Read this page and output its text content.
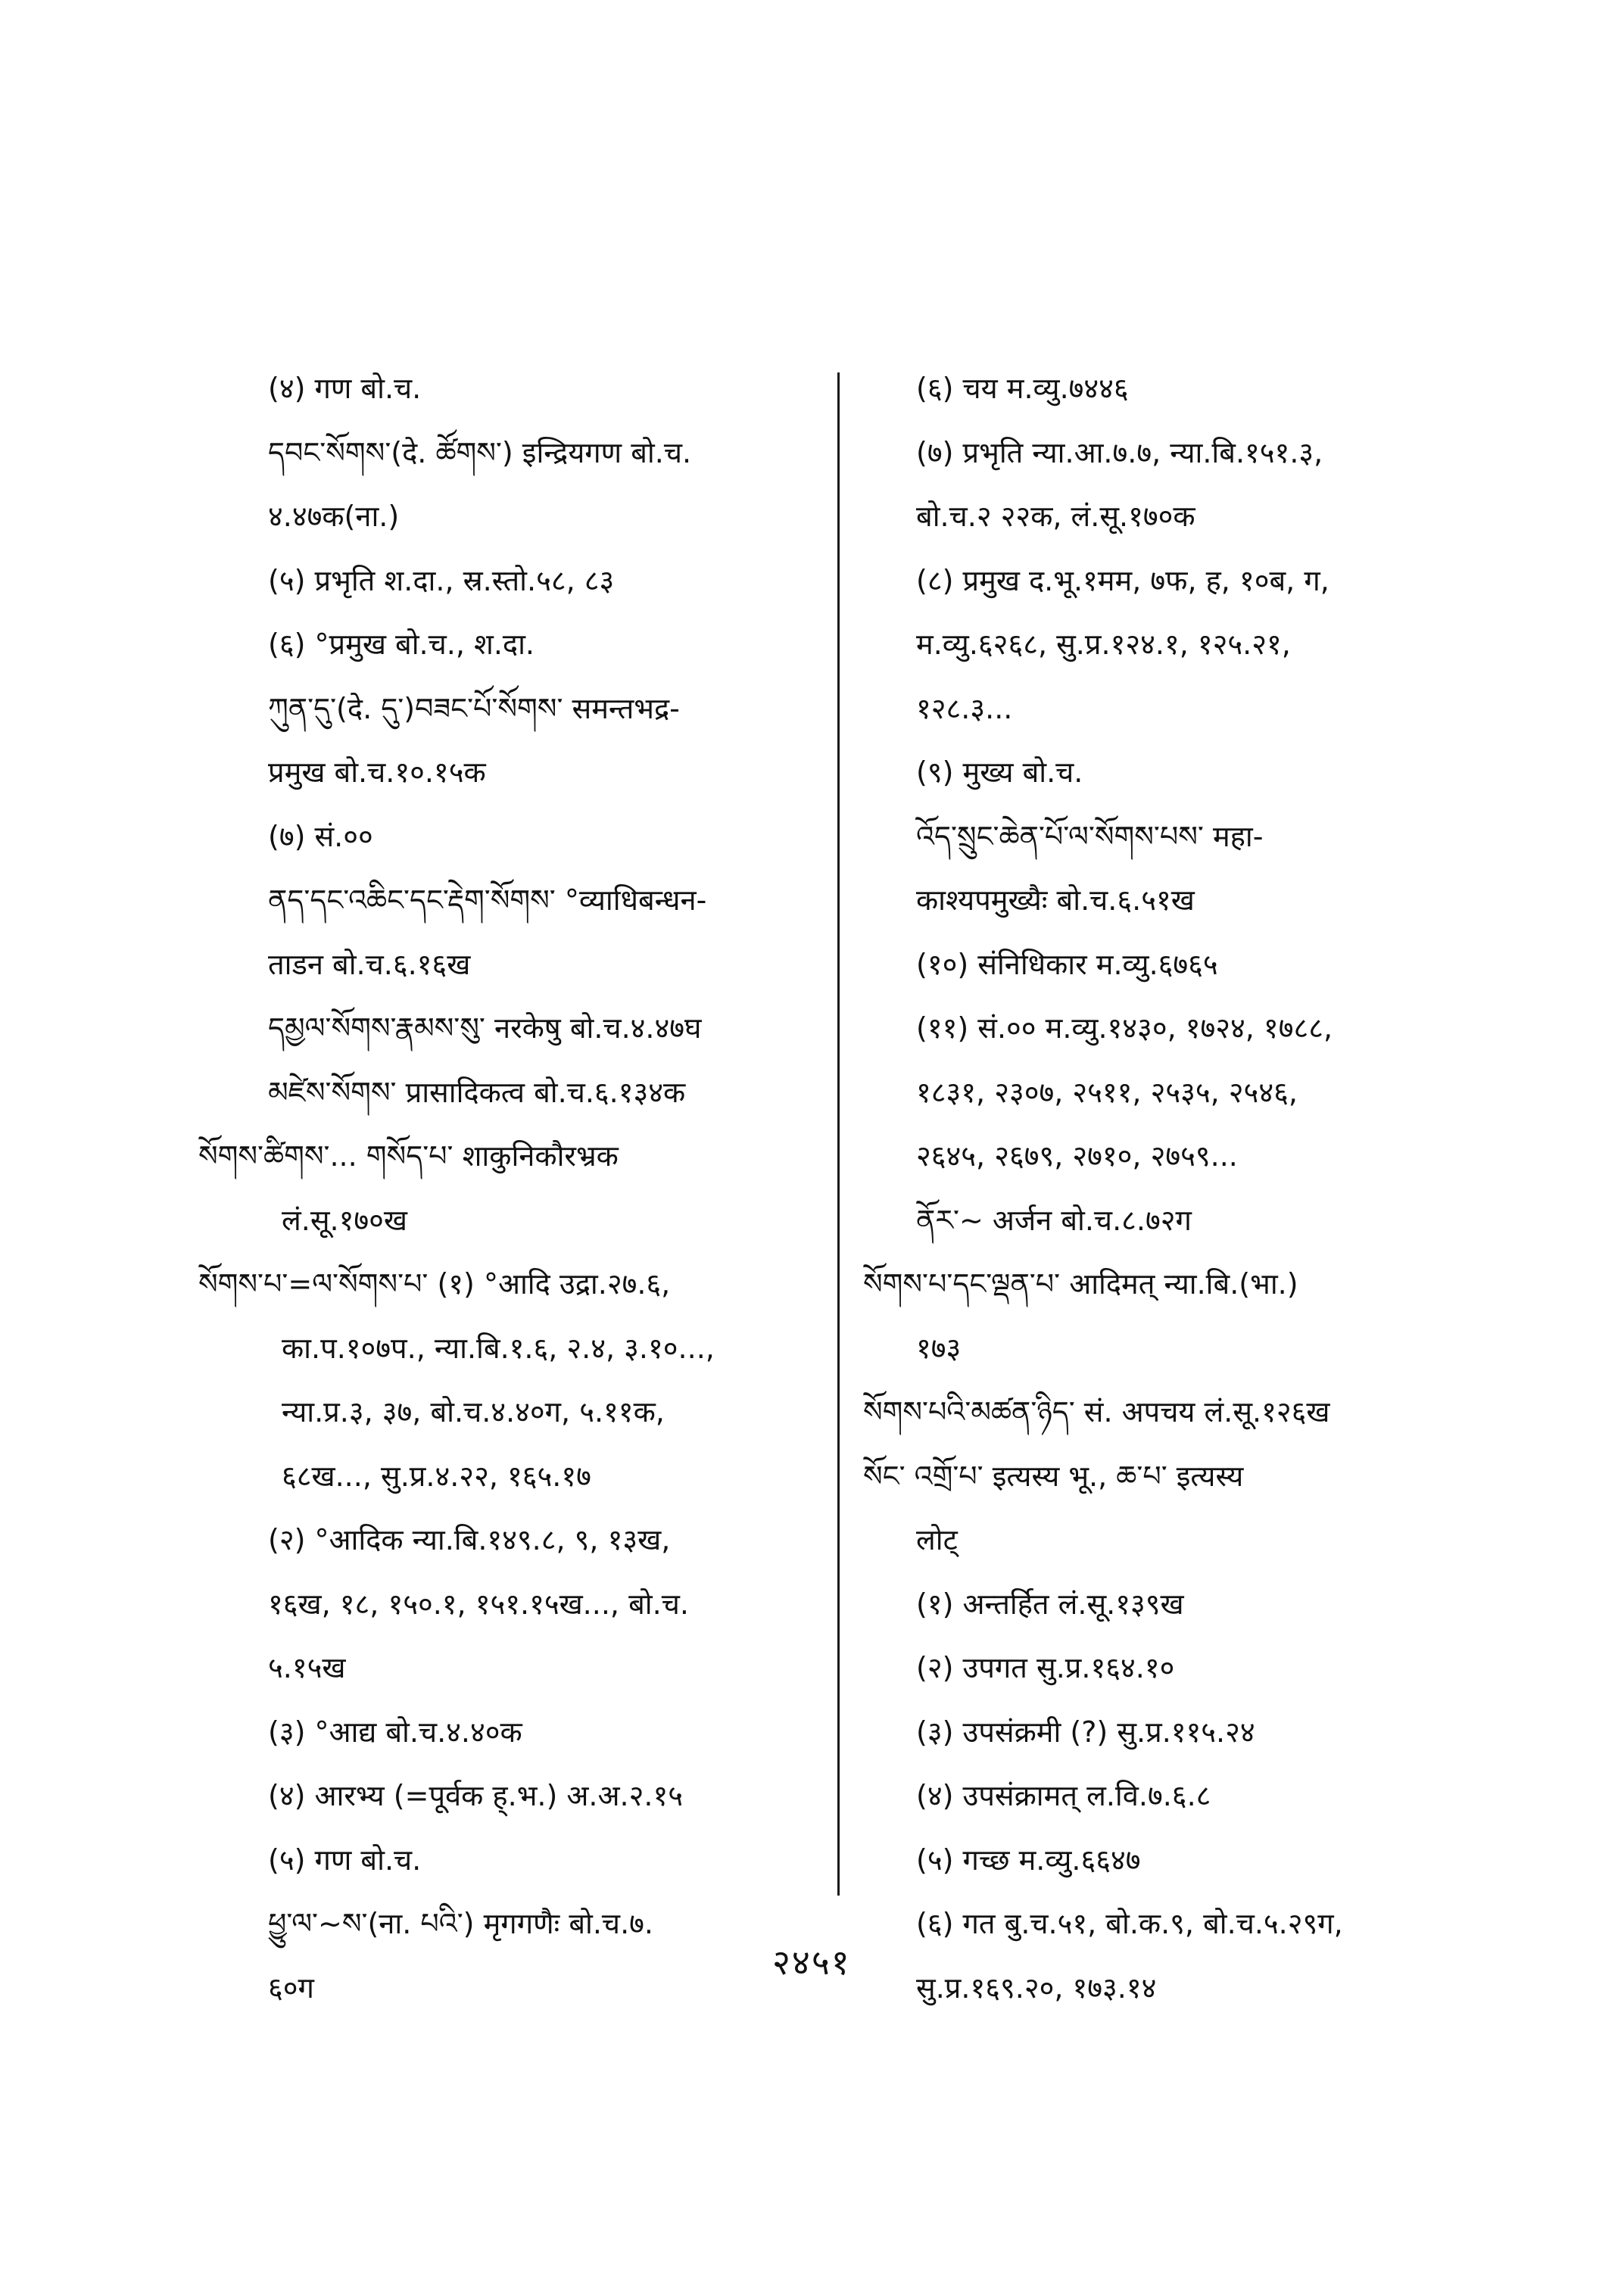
(४) गण बो.च.
དབང་སོགས་(दे. ཚོགས་) इन्द्रियगण बो.च.
४.४७क(ना.)
(५) प्रभृति श.दा., स्र.स्तो.५८, ८३
(६) °प्रमुख बो.च., श.दा.
ཀུན་དུ་(दे. དུ་)བཟང་པོ་སོགས་ समन्तभद्र-
प्रमुख बो.च.१०.१५क
(७) सं.००
ནད་དང་འཆིང་དང་རྡེག་སོགས་ °व्याधिबन्धन-
ताडन बो.च.६.१६ख
དམྱལ་སོགས་རྣམས་སུ་ नरकेषु बो.च.४.४७घ
མཛེས་སོགས་ प्रासादिकत्व बो.च.६.१३४क
སོགས་ཚིགས་... གསོད་པ་ शाकुनिकौरभ्रक
लं.सू.१७०ख
སོགས་པ་=ལ་སོགས་པ་ (१) °आदि उद्रा.२७.६,
का.प.१०७प., न्या.बि.१.६, २.४, ३.१०...,
न्या.प्र.३, ३७, बो.च.४.४०ग, ५.११क,
६८ख..., सु.प्र.४.२२, १६५.१७
(२) °आदिक न्या.बि.१४९.८, ९, १३ख,
१६ख, १८, १५०.१, १५१.१५ख..., बो.च.
५.१५ख
(३) °आद्य बो.च.४.४०क
(४) आरभ्य (=पूर्वक ह्.भ.) अ.अ.२.१५
(५) गण बो.च.
ཕྱུ་ལ་~ས་(ना. པའི་) मृगगणैः बो.च.७.
६०ग
(६) चय म.व्यु.७४४६
(७) प्रभृति न्या.आ.७.७, न्या.बि.१५१.३,
बो.च.२ २२क, लं.सू.१७०क
(८) प्रमुख द.भू.१मम, ७फ, ह, १०ब, ग,
म.व्यु.६२६८, सु.प्र.१२४.१, १२५.२१,
१२८.३...
(९) मुख्य बो.च.
འོད་སྲུང་ཆེན་པོ་ལ་སོགས་པས་ महा-
काश्यपमुख्यैः बो.च.६.५१ख
(१०) संनिधिकार म.व्यु.६७६५
(११) सं.०० म.व्यु.१४३०, १७२४, १७८८,
१८३१, २३०७, २५११, २५३५, २५४६,
२६४५, २६७९, २७१०, २७५९...
ནོར་~ अर्जन बो.च.८.७२ग
སོགས་པ་དང་ལྡན་པ་ आदिमत् न्या.बि.(भा.)
१७३
སོགས་པའི་མཚན་ཉིད་ सं. अपचय लं.सू.१२६ख
སོང་ འགྲོ་པ་ इत्यस्य भू., ཆ་པ་ इत्यस्य
लोट्
(१) अन्तर्हित लं.सू.१३९ख
(२) उपगत सु.प्र.१६४.१०
(३) उपसंक्रमी (?) सु.प्र.११५.२४
(४) उपसंक्रामत् ल.वि.७.६.८
(५) गच्छ म.व्यु.६६४७
(६) गत बु.च.५१, बो.क.९, बो.च.५.२९ग,
सु.प्र.१६९.२०, १७३.१४
२४५१
